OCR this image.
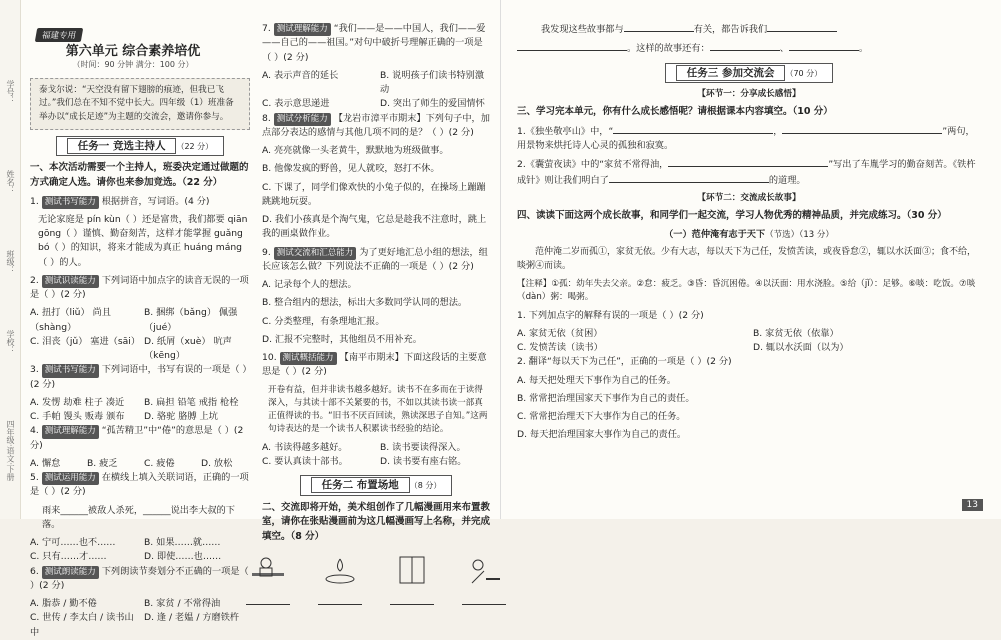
学号：
姓名：
班级：
学校：
四年级·语文·下册
福建专用
第六单元 综合素养培优
（时间：90 分钟 满分：100 分）
泰戈尔说：“天空没有留下翅膀的痕迹，但我已飞过。”我们总在不知不觉中长大。四年级（1）班准备举办以“成长足迹”为主题的交流会，邀请你参与。
任务一 竞选主持人 （22 分）

一、本次活动需要一个主持人，班委决定通过做题的方式确定人选。请你也来参加竞选。（22 分）

1. 测试书写能力 根据拼音，写词语。(4 分)

无论家庭是 pín kùn（ ）还是富贵，我们都要 qiān gōng（ ）谨慎、勤奋刻苦，这样才能掌握 guǎng bó（ ）的知识，将来才能成为真正 huáng máng（ ）的人。

2. 测试识读能力 下列词语中加点字的读音无误的一项是（ ）(2 分)

A. 扭打（liǔ） 尚且（shàng）
B. 捆绑（bǎng） 佩强（jué）
C. 泪丧（jǔ） 塞进（sāi） D. 纸屑（xuè） 吭声（kēng）

3. 测试书写能力 下列词语中，书写有误的一项是（ ）(2 分)

A. 发愣 劫难 柱子 凑近	B. 扁担 铅笔 戒指 枪栓
C. 手帕 馒头 贩毒 颁布	D. 骆驼 胳膊 上坑

4. 测试理解能力 “孤苦精卫”中“倦”的意思是（ ）(2 分)

A. 懈怠	B. 疲乏	C. 疲倦	D. 放松

5. 测试运用能力 在横线上填入关联词语，正确的一项是（ ）(2 分)

雨来______被敌人杀死，______说出李大叔的下落。

A. 宁可……也不……	B. 如果……就……
C. 只有……才……	D. 即使……也……

6. 测试朗读能力 下列朗读节奏划分不正确的一项是（ ）(2 分)

A. 脂恭 / 勤不倦	B. 家贫 / 不常得油
C. 世传 / 李太白 / 读书山中
D. 逢 / 老媪 / 方磨铁杵

7. 测试理解能力 “我们——是——中国人，我们——爱——自己的——祖国。”对句中破折号理解正确的一项是（ ）(2 分)

A. 表示声音的延长	B. 说明孩子们读书特别激动
C. 表示意思递进	D. 突出了师生的爱国情怀

8. 测试分析能力 【龙岩市漳平市期末】下列句子中，加点部分表达的感情与其他几项不同的是？（ ）(2 分)

A. 亮亮就像一头老黄牛，默默地为班级做事。

B. 他像发疯的野兽，见人就咬，怒打不休。

C. 下课了，同学们像欢快的小兔子似的，在操场上蹦蹦跳跳地玩耍。

D. 我们小孩真是个淘气鬼，它总是趁我不注意时，跳上我的画桌做作业。

9. 测试交流和汇总能力 为了更好地汇总小组的想法，组长应该怎么做？下列说法不正确的一项是（ ）(2 分)

A. 记录每个人的想法。

B. 整合组内的想法，标出大多数同学认同的想法。

C. 分类整理，有条理地汇报。

D. 汇报不完整时，其他组员不用补充。

10. 测试概括能力 【南平市期末】下面这段话的主要意思是（ ）(2 分)

开卷有益，但并非读书越多越好。读书不在多而在于读得深入，与其读十部不关紧要的书，不如以其读书读一部真正值得读的书。“旧书不厌百回读，熟读深思子自知。”这两句诗表达的是一个读书人积累读书经验的结论。

A. 书读得越多越好。	B. 读书要读得深入。
C. 要认真读十部书。	D. 读书要有座右铭。
任务二 布置场地 （8 分）

二、交流即将开始，美术组创作了几幅漫画用来布置教室，请你在张贴漫画前为这几幅漫画写上名称，并完成填空。（8 分）

我发现这些故事都与	有关，都告诉我们

。这样的故事还有：	、	。

任务三 参加交流会 （70 分）
【环节一：分享成长感悟】

三、学习完本单元，你有什么成长感悟呢？请根据课本内容填空。（10 分）

1.《独坐敬亭山》中，“	，	”两句，用景物来烘托诗人心灵的孤独和寂寞。

2.《囊萤夜读》中的“家贫不常得油，	”写出了车胤学习的勤奋刻苦。《铁杵成针》则让我们明白了	的道理。

【环节二：交流成长故事】

四、读读下面这两个成长故事，和同学们一起交流，学习人物优秀的精神品质，并完成练习。（30 分）

（一）范仲淹有志于天下（节选）（13 分）

范仲淹二岁而孤①，家贫无依。少有大志，每以天下为己任，发愤苦读，或夜昏怠②，辄以水沃面③；食不给，啖粥④而读。

【注释】①孤：幼年失去父亲。②怠：疲乏。③昏：昏沉困倦。④以沃面：用水浇脸。⑤给（jǐ）：足够。⑥啖：吃饭。⑦啖（dàn）粥：喝粥。

1. 下列加点字的解释有误的一项是（ ）(2 分)

A. 家贫无依（贫困）	B. 家贫无依（依靠）
C. 发愤苦读（读书）	D. 辄以水沃面（以为）

2. 翻译“每以天下为己任”，正确的一项是（ ）(2 分)

A. 每天把处理天下事作为自己的任务。

B. 常常把治理国家天下事作为自己的责任。

C. 常常把治理天下大事作为自己的任务。

D. 每天把治理国家大事作为自己的责任。

13
